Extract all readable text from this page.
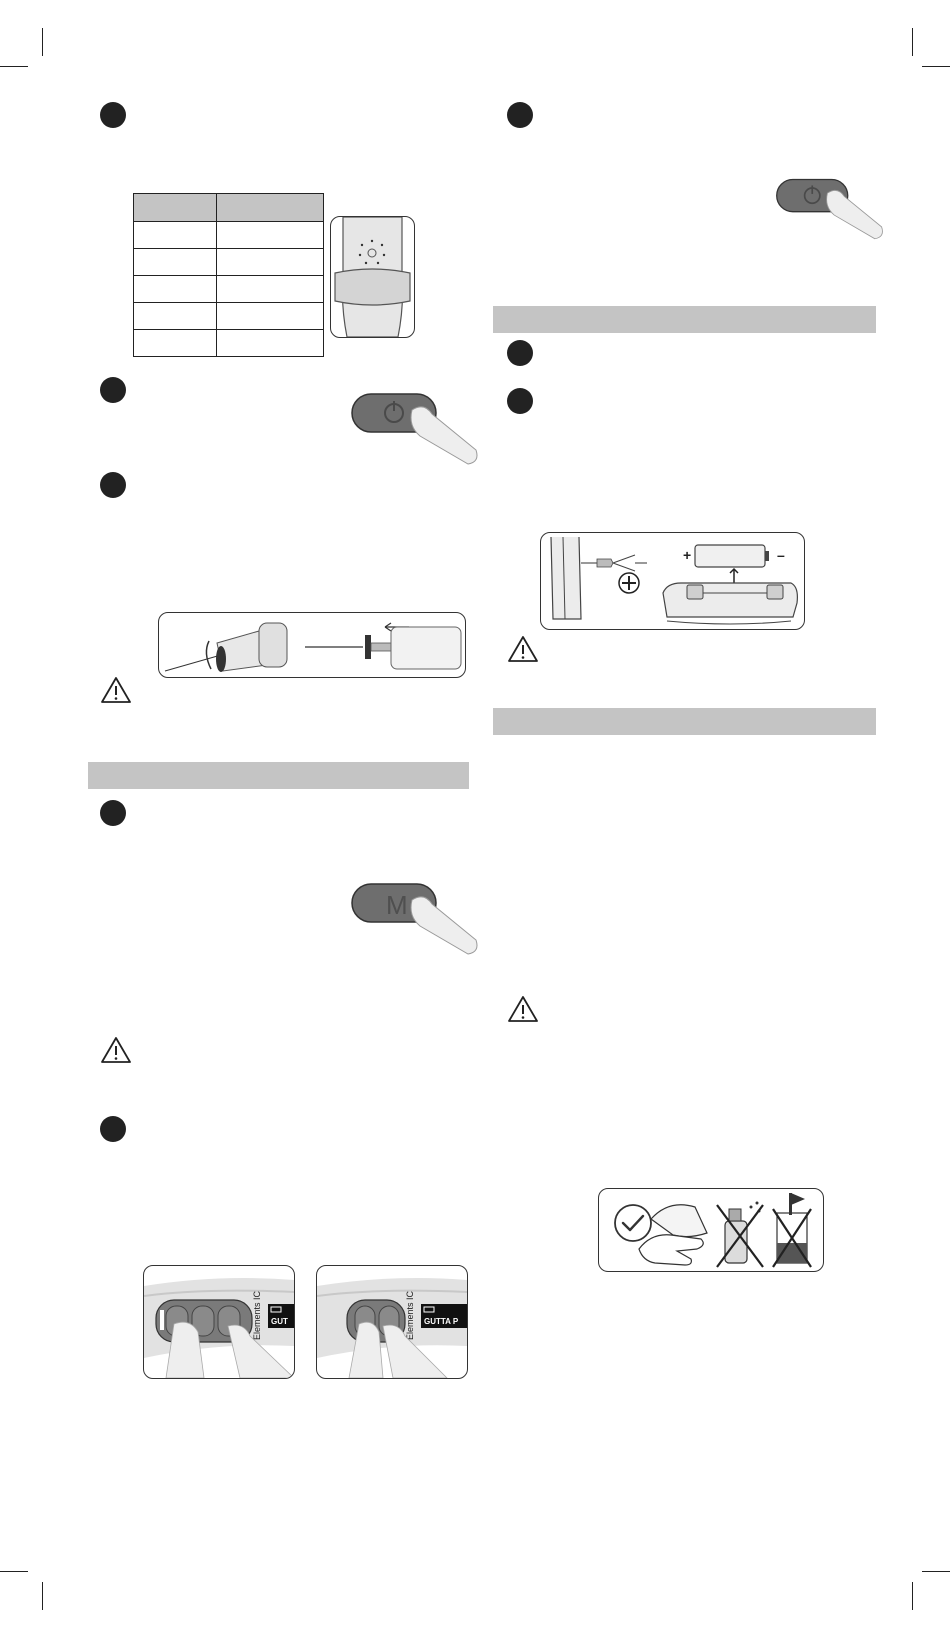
M
Elements IC GUT	Elements IC GUTTA P
+	–
